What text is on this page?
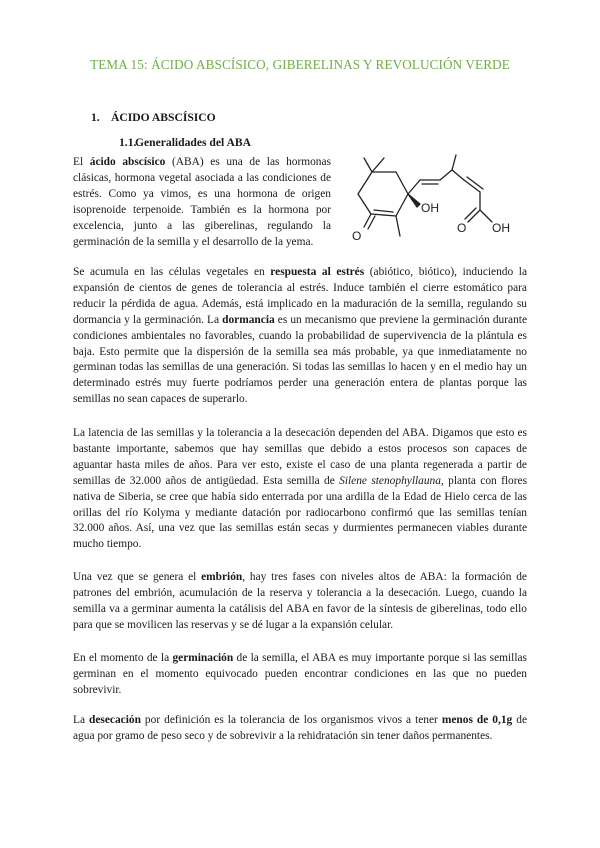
TEMA 15: ÁCIDO ABSCÍSICO, GIBERELINAS Y REVOLUCIÓN VERDE
1. ÁCIDO ABSCÍSICO
1.1.Generalidades del ABA

El ácido abscísico (ABA) es una de las hormonas clásicas, hormona vegetal asociada a las condiciones de estrés. Como ya vimos, es una hormona de origen isoprenoide terpenoide. También es la hormona por excelencia, junto a las giberelinas, regulando la germinación de la semilla y el desarrollo de la yema.

OH
O OH
O

Se acumula en las células vegetales en respuesta al estrés (abiótico, biótico), induciendo la expansión de cientos de genes de tolerancia al estrés. Induce también el cierre estomático para reducir la pérdida de agua. Además, está implicado en la maduración de la semilla, regulando su dormancia y la germinación. La dormancia es un mecanismo que previene la germinación durante condiciones ambientales no favorables, cuando la probabilidad de supervivencia de la plántula es baja. Esto permite que la dispersión de la semilla sea más probable, ya que inmediatamente no germinan todas las semillas de una generación. Si todas las semillas lo hacen y en el medio hay un determinado estrés muy fuerte podríamos perder una generación entera de plantas porque las semillas no sean capaces de superarlo.

La latencia de las semillas y la tolerancia a la desecación dependen del ABA. Digamos que esto es bastante importante, sabemos que hay semillas que debido a estos procesos son capaces de aguantar hasta miles de años. Para ver esto, existe el caso de una planta regenerada a partir de semillas de 32.000 años de antigüedad. Esta semilla de Silene stenophyllauna, planta con flores nativa de Siberia, se cree que había sido enterrada por una ardilla de la Edad de Hielo cerca de las orillas del río Kolyma y mediante datación por radiocarbono confirmó que las semillas tenían 32.000 años. Así, una vez que las semillas están secas y durmientes permanecen viables durante mucho tiempo.

Una vez que se genera el embrión, hay tres fases con niveles altos de ABA: la formación de patrones del embrión, acumulación de la reserva y tolerancia a la desecación. Luego, cuando la semilla va a germinar aumenta la catálisis del ABA en favor de la síntesis de giberelinas, todo ello para que se movilicen las reservas y se dé lugar a la expansión celular.

En el momento de la germinación de la semilla, el ABA es muy importante porque si las semillas germinan en el momento equivocado pueden encontrar condiciones en las que no pueden sobrevivir.

La desecación por definición es la tolerancia de los organismos vivos a tener menos de 0,1g de agua por gramo de peso seco y de sobrevivir a la rehidratación sin tener daños permanentes.
